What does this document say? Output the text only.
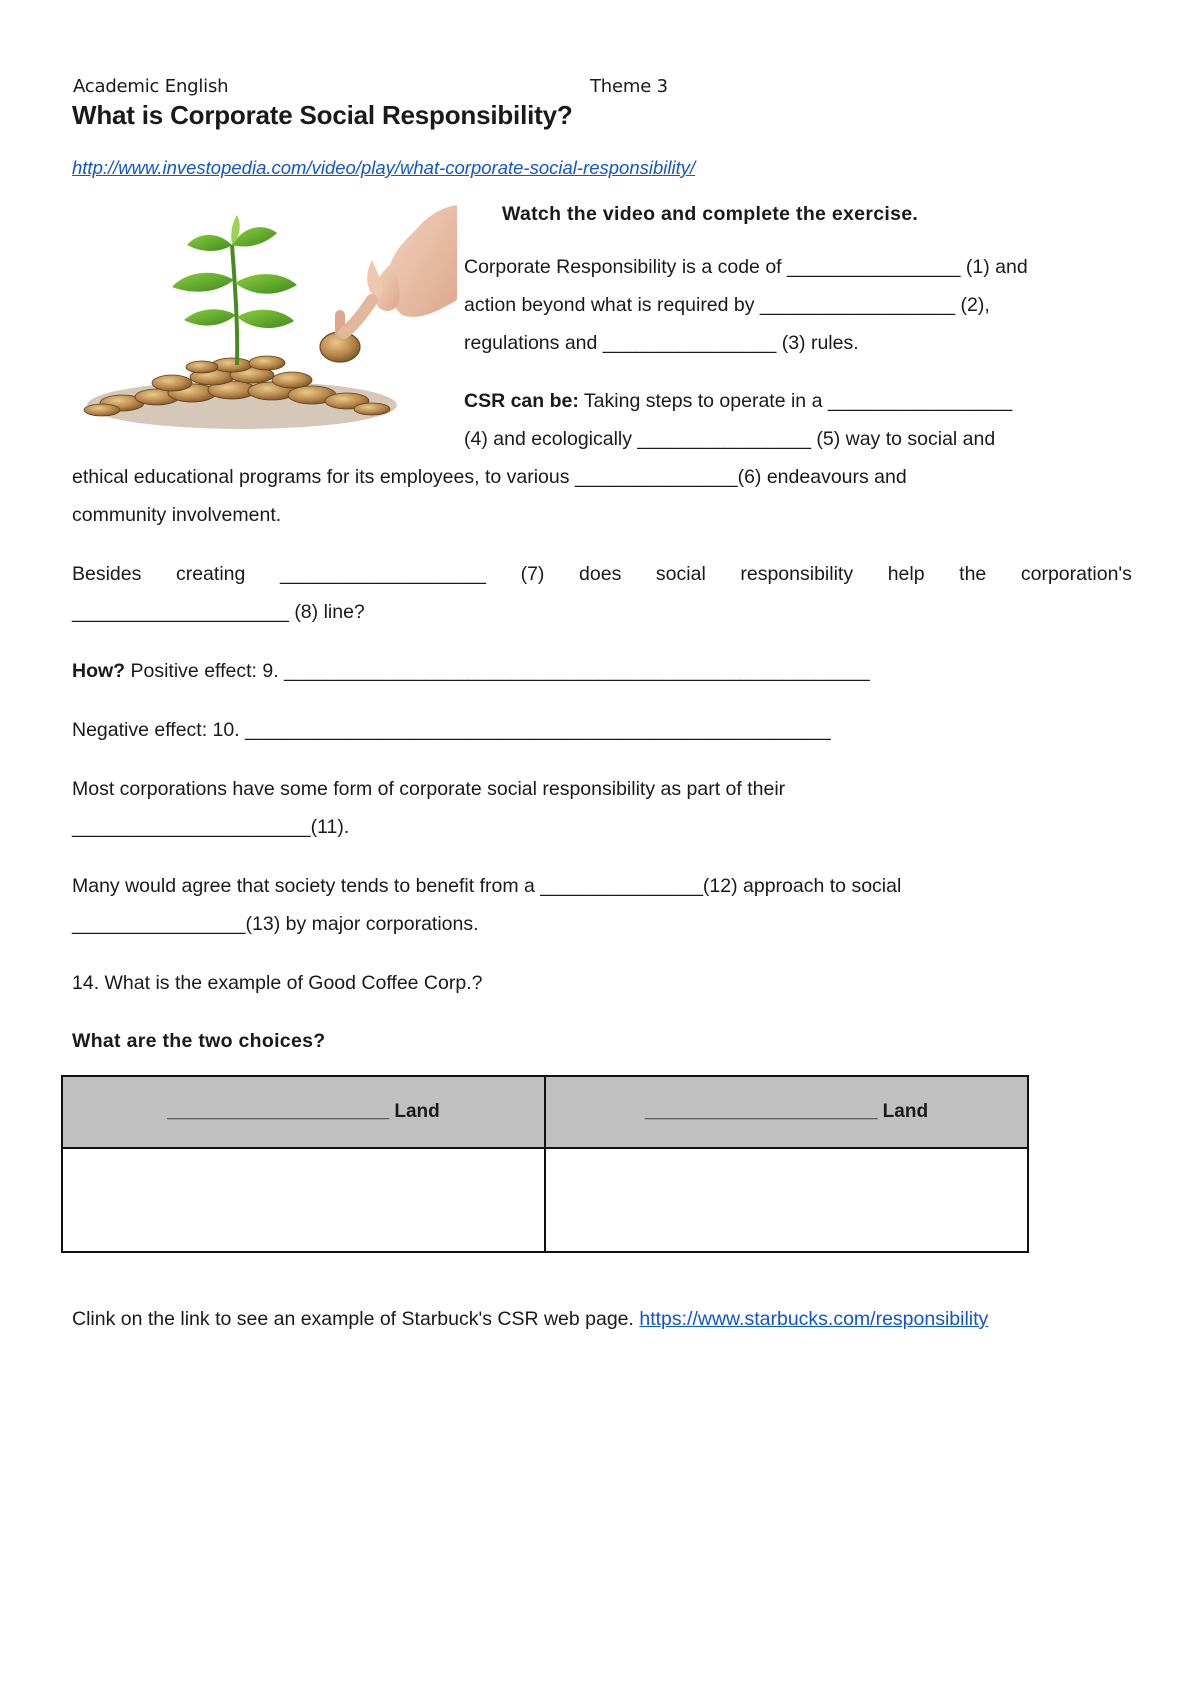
Academic English	Theme 3
What is Corporate Social Responsibility?
http://www.investopedia.com/video/play/what-corporate-social-responsibility/
Watch the video and complete the exercise.
Corporate Responsibility is a code of ________________ (1) and
action beyond what is required by __________________ (2),
regulations and ________________ (3) rules.
CSR can be: Taking steps to operate in a _________________
(4) and ecologically ________________ (5) way to social and
ethical educational programs for its employees, to various _______________(6) endeavours and
community involvement.
Besides creating ___________________ (7) does social responsibility help the corporation's
____________________ (8) line?
How? Positive effect: 9. ______________________________________________________
Negative effect: 10. ______________________________________________________
Most corporations have some form of corporate social responsibility as part of their
______________________(11).
Many would agree that society tends to benefit from a _______________(12) approach to social
________________(13) by major corporations.
14. What is the example of Good Coffee Corp.?
What are the two choices?
_____________________ Land	______________________ Land

Clink on the link to see an example of Starbuck's CSR web page. https://www.starbucks.com/responsibility
